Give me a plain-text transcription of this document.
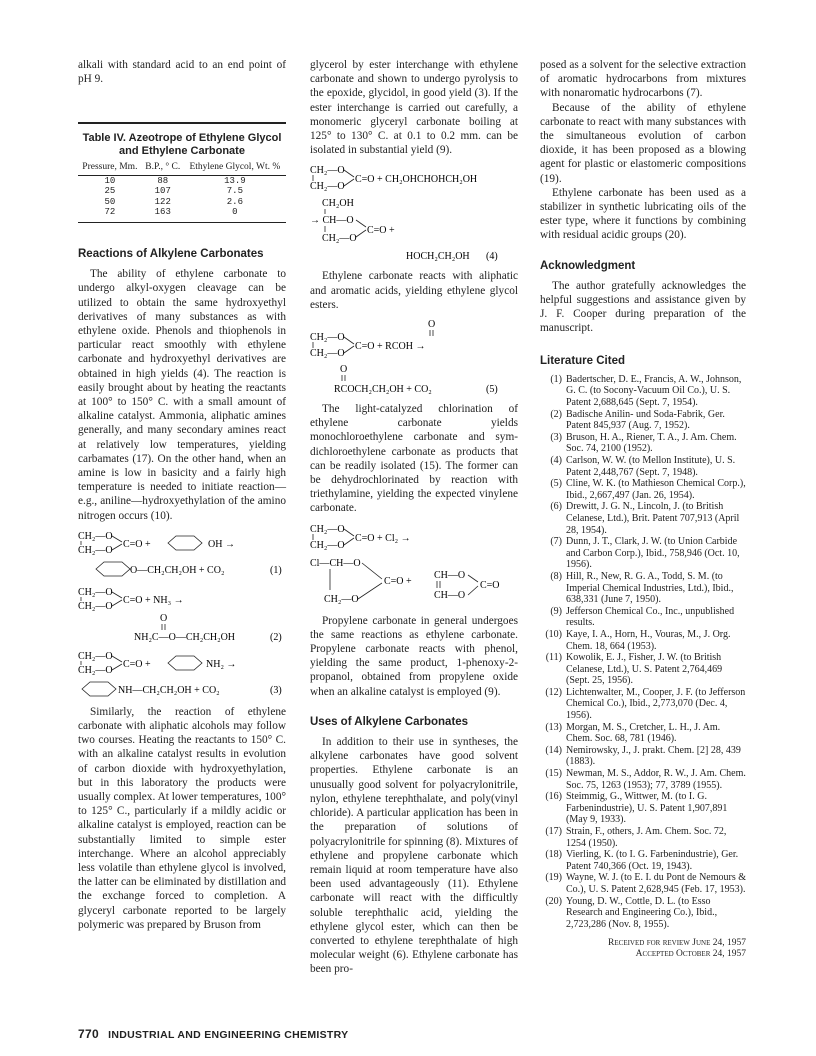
alkali with standard acid to an end point of pH 9.

Table IV. Azeotrope of Ethylene Glycol and Ethylene Carbonate
Pressure, Mm.	B.P., ° C.	Ethylene Glycol, Wt. %
10	88	13.9
25	107	7.5
50	122	2.6
72	163	0
Reactions of Alkylene Carbonates

The ability of ethylene carbonate to undergo alkyl-oxygen cleavage can be utilized to obtain the same hydroxyethyl derivatives of many substances as with ethylene oxide. Phenols and thiophenols in particular react smoothly with ethylene carbonate and hydroxyethyl derivatives are obtained in high yields (4). The reaction is easily brought about by heating the reactants at 100° to 150° C. with a small amount of alkaline catalyst. Ammonia, aliphatic amines generally, and many secondary amines react at relatively low temperatures, yielding carbamates (17). On the other hand, when an amine is low in basicity and a fairly high temperature is needed to initiate reaction—e.g., aniline—hydroxyethylation of the amino nitrogen occurs (10).

CH₂—O
CH₂—O
C=O +	OH →
O—CH₂CH₂OH + CO₂	(1)
CH₂—O
CH₂—O
C=O + NH₃ →
O
NH₂C—O—CH₂CH₂OH	(2)
CH₂—O
CH₂—O
C=O +	NH₂ →
NH—CH₂CH₂OH + CO₂	(3)

Similarly, the reaction of ethylene carbonate with aliphatic alcohols may follow two courses. Heating the reactants to 150° C. with an alkaline catalyst results in evolution of carbon dioxide with hydroxyethylation, but in this laboratory the products were usually complex. At lower temperatures, 100° to 125° C., particularly if a mildly acidic or alkaline catalyst is employed, reaction can be substantially limited to simple ester interchange. Where an alcohol appreciably less volatile than ethylene glycol is involved, the latter can be eliminated by distillation and the exchange forced to completion. A glyceryl carbonate reported to be largely polymeric was prepared by Bruson from

glycerol by ester interchange with ethylene carbonate and shown to undergo pyrolysis to the epoxide, glycidol, in good yield (3). If the ester interchange is carried out carefully, a monomeric glyceryl carbonate boiling at 125° to 130° C. at 0.1 to 0.2 mm. can be isolated in substantial yield (9).

CH₂—O
CH₂—O
C=O + CH₂OHCHOHCH₂OH
CH₂OH
→ CH—O
CH₂—O
C=O +
HOCH₂CH₂OH (4)

Ethylene carbonate reacts with aliphatic and aromatic acids, yielding ethylene glycol esters.

O
CH₂—O
CH₂—O
C=O + RCOH →
O
RCOCH₂CH₂OH + CO₂	(5)

The light-catalyzed chlorination of ethylene carbonate yields monochloroethylene carbonate and sym-dichloroethylene carbonate as products that can be readily isolated (15). The former can be dehydrochlorinated by reaction with triethylamine, yielding the expected vinylene carbonate.

CH₂—O
CH₂—O
C=O + Cl₂ →
Cl—CH—O
CH₂—O
C=O +
CH—O
CH—O
C=O

Propylene carbonate in general undergoes the same reactions as ethylene carbonate. Propylene carbonate reacts with phenol, yielding the same product, 1-phenoxy-2-propanol, obtained from propylene oxide when an alkaline catalyst is employed (9).

Uses of Alkylene Carbonates

In addition to their use in syntheses, the alkylene carbonates have good solvent properties. Ethylene carbonate is an unusually good solvent for polyacrylonitrile, nylon, ethylene terephthalate, and poly(vinyl chloride). A particular application has been in the preparation of solutions of polyacrylonitrile for spinning (8). Mixtures of ethylene and propylene carbonate which remain liquid at room temperature have also been used advantageously (11). Ethylene carbonate will react with the difficultly soluble terephthalic acid, yielding the ethylene glycol ester, which can then be converted to ethylene terephthalate of high molecular weight (6). Ethylene carbonate has been pro-

posed as a solvent for the selective extraction of aromatic hydrocarbons from mixtures with nonaromatic hydrocarbons (7).

Because of the ability of ethylene carbonate to react with many substances with the simultaneous evolution of carbon dioxide, it has been proposed as a blowing agent for plastic or elastomeric compositions (19).

Ethylene carbonate has been used as a stabilizer in synthetic lubricating oils of the ester type, where it functions by combining with residual acidic groups (20).

Acknowledgment

The author gratefully acknowledges the helpful suggestions and assistance given by J. F. Cooper during preparation of the manuscript.

Literature Cited
(1) Badertscher, D. E., Francis, A. W., Johnson, G. C. (to Socony-Vacuum Oil Co.), U. S. Patent 2,688,645 (Sept. 7, 1954).
(2) Badische Anilin- und Soda-Fabrik, Ger. Patent 845,937 (Aug. 7, 1952).
(3) Bruson, H. A., Riener, T. A., J. Am. Chem. Soc. 74, 2100 (1952).
(4) Carlson, W. W. (to Mellon Institute), U. S. Patent 2,448,767 (Sept. 7, 1948).
(5) Cline, W. K. (to Mathieson Chemical Corp.), Ibid., 2,667,497 (Jan. 26, 1954).
(6) Drewitt, J. G. N., Lincoln, J. (to British Celanese, Ltd.), Brit. Patent 707,913 (April 28, 1954).
(7) Dunn, J. T., Clark, J. W. (to Union Carbide and Carbon Corp.), Ibid., 758,946 (Oct. 10, 1956).
(8) Hill, R., New, R. G. A., Todd, S. M. (to Imperial Chemical Industries, Ltd.), Ibid., 638,331 (June 7, 1950).
(9) Jefferson Chemical Co., Inc., unpublished results.
(10) Kaye, I. A., Horn, H., Vouras, M., J. Org. Chem. 18, 664 (1953).
(11) Kowolik, E. J., Fisher, J. W. (to British Celanese, Ltd.), U. S. Patent 2,764,469 (Sept. 25, 1956).
(12) Lichtenwalter, M., Cooper, J. F. (to Jefferson Chemical Co.), Ibid., 2,773,070 (Dec. 4, 1956).
(13) Morgan, M. S., Cretcher, L. H., J. Am. Chem. Soc. 68, 781 (1946).
(14) Nemirowsky, J., J. prakt. Chem. [2] 28, 439 (1883).
(15) Newman, M. S., Addor, R. W., J. Am. Chem. Soc. 75, 1263 (1953); 77, 3789 (1955).
(16) Steimmig, G., Wittwer, M. (to I. G. Farbenindustrie), U. S. Patent 1,907,891 (May 9, 1933).
(17) Strain, F., others, J. Am. Chem. Soc. 72, 1254 (1950).
(18) Vierling, K. (to I. G. Farbenindustrie), Ger. Patent 740,366 (Oct. 19, 1943).
(19) Wayne, W. J. (to E. I. du Pont de Nemours & Co.), U. S. Patent 2,628,945 (Feb. 17, 1953).
(20) Young, D. W., Cottle, D. L. (to Esso Research and Engineering Co.), Ibid., 2,723,286 (Nov. 8, 1955).
Received for review June 24, 1957
Accepted October 24, 1957
770 INDUSTRIAL AND ENGINEERING CHEMISTRY
